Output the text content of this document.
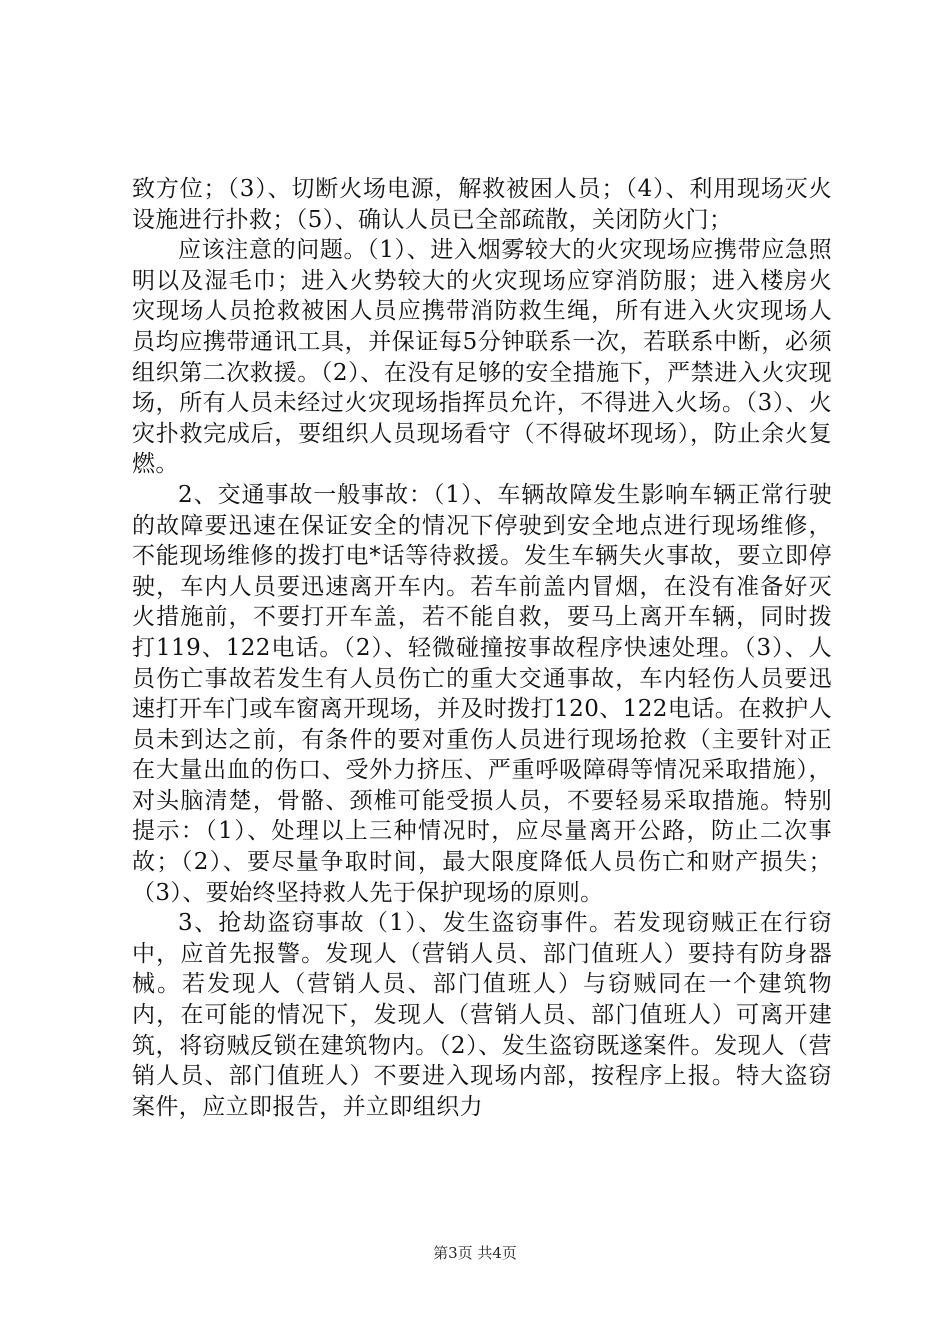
致方位；（3）、切断火场电源，解救被困人员；（4）、利用现场灭火设施进行扑救；（5）、确认人员已全部疏散，关闭防火门；

应该注意的问题。（1）、进入烟雾较大的火灾现场应携带应急照明以及湿毛巾；进入火势较大的火灾现场应穿消防服；进入楼房火灾现场人员抢救被困人员应携带消防救生绳，所有进入火灾现场人员均应携带通讯工具，并保证每5分钟联系一次，若联系中断，必须组织第二次救援。（2）、在没有足够的安全措施下，严禁进入火灾现场，所有人员未经过火灾现场指挥员允许，不得进入火场。（3）、火灾扑救完成后，要组织人员现场看守（不得破坏现场），防止余火复燃。

2、交通事故一般事故：（1）、车辆故障发生影响车辆正常行驶的故障要迅速在保证安全的情况下停驶到安全地点进行现场维修，不能现场维修的拨打电*话等待救援。发生车辆失火事故，要立即停驶，车内人员要迅速离开车内。若车前盖内冒烟，在没有准备好灭火措施前，不要打开车盖，若不能自救，要马上离开车辆，同时拨打119、122电话。（2）、轻微碰撞按事故程序快速处理。（3）、人员伤亡事故若发生有人员伤亡的重大交通事故，车内轻伤人员要迅速打开车门或车窗离开现场，并及时拨打120、122电话。在救护人员未到达之前，有条件的要对重伤人员进行现场抢救（主要针对正在大量出血的伤口、受外力挤压、严重呼吸障碍等情况采取措施），对头脑清楚，骨骼、颈椎可能受损人员，不要轻易采取措施。特别提示：（1）、处理以上三种情况时，应尽量离开公路，防止二次事故；（2）、要尽量争取时间，最大限度降低人员伤亡和财产损失；（3）、要始终坚持救人先于保护现场的原则。

3、抢劫盗窃事故（1）、发生盗窃事件。若发现窃贼正在行窃中，应首先报警。发现人（营销人员、部门值班人）要持有防身器械。若发现人（营销人员、部门值班人）与窃贼同在一个建筑物内，在可能的情况下，发现人（营销人员、部门值班人）可离开建筑，将窃贼反锁在建筑物内。（2）、发生盗窃既遂案件。发现人（营销人员、部门值班人）不要进入现场内部，按程序上报。特大盗窃案件，应立即报告，并立即组织力

第3页 共4页
